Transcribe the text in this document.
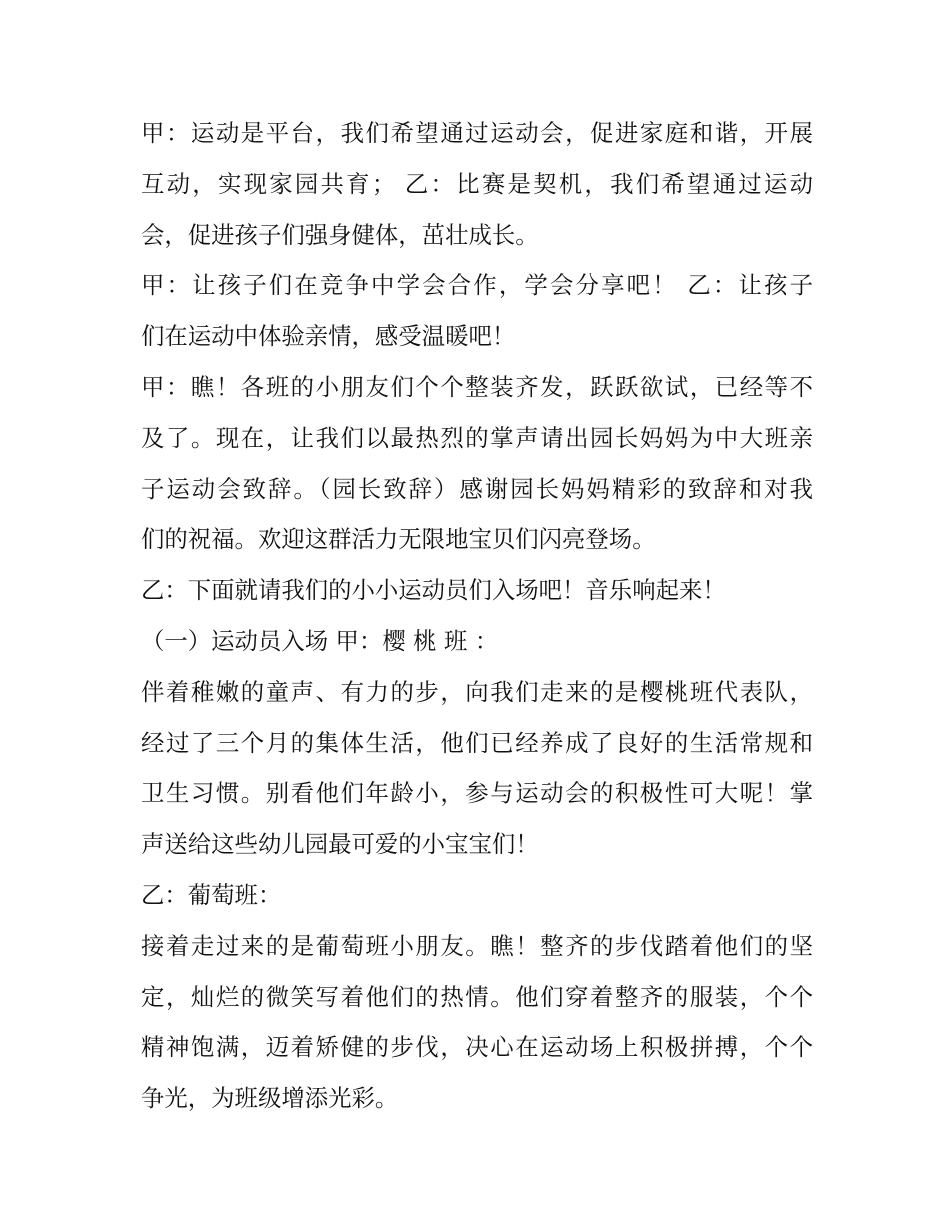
甲：运动是平台，我们希望通过运动会，促进家庭和谐，开展
互动，实现家园共育； 乙：比赛是契机，我们希望通过运动
会，促进孩子们强身健体，茁壮成长。
甲：让孩子们在竞争中学会合作，学会分享吧！ 乙：让孩子
们在运动中体验亲情，感受温暖吧！
甲：瞧！各班的小朋友们个个整装齐发，跃跃欲试，已经等不
及了。现在，让我们以最热烈的掌声请出园长妈妈为中大班亲
子运动会致辞。（园长致辞）感谢园长妈妈精彩的致辞和对我
们的祝福。欢迎这群活力无限地宝贝们闪亮登场。
乙：下面就请我们的小小运动员们入场吧！音乐响起来！
（一）运动员入场 甲：樱 桃 班 ：
伴着稚嫩的童声、有力的步，向我们走来的是樱桃班代表队，
经过了三个月的集体生活，他们已经养成了良好的生活常规和
卫生习惯。别看他们年龄小，参与运动会的积极性可大呢！掌
声送给这些幼儿园最可爱的小宝宝们！
乙：葡萄班：
接着走过来的是葡萄班小朋友。瞧！整齐的步伐踏着他们的坚
定，灿烂的微笑写着他们的热情。他们穿着整齐的服装，个个
精神饱满，迈着矫健的步伐，决心在运动场上积极拼搏，个个
争光，为班级增添光彩。
